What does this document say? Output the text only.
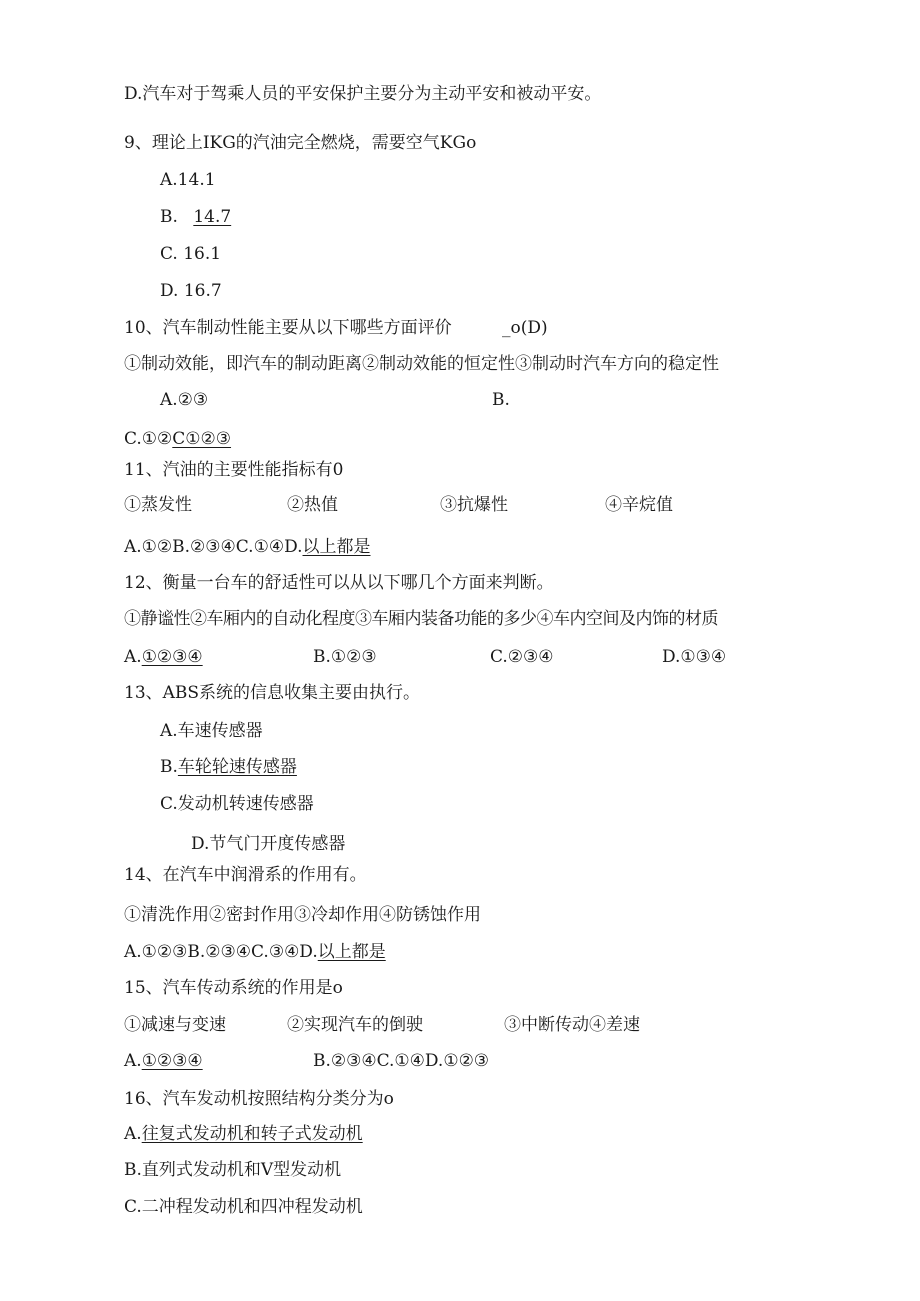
D.汽车对于驾乘人员的平安保护主要分为主动平安和被动平安。
9、理论上IKG的汽油完全燃烧，需要空气KGo
A.14.1
B. 14.7
C. 16.1
D. 16.7
10、汽车制动性能主要从以下哪些方面评价	_o(D)
①制动效能，即汽车的制动距离②制动效能的恒定性③制动时汽车方向的稳定性
A.②③	B.
C.①②C①②③
11、汽油的主要性能指标有0
①蒸发性	②热值	③抗爆性	④辛烷值
A.①②B.②③④C.①④D.以上都是
12、衡量一台车的舒适性可以从以下哪几个方面来判断。
①静谧性②车厢内的自动化程度③车厢内装备功能的多少④车内空间及内饰的材质
A.①②③④	B.①②③	C.②③④	D.①③④
13、ABS系统的信息收集主要由执行。
A.车速传感器
B.车轮轮速传感器
C.发动机转速传感器
D.节气门开度传感器
14、在汽车中润滑系的作用有。
①清洗作用②密封作用③冷却作用④防锈蚀作用
A.①②③B.②③④C.③④D.以上都是
15、汽车传动系统的作用是o
①减速与变速	②实现汽车的倒驶	③中断传动④差速
A.①②③④	B.②③④C.①④D.①②③
16、汽车发动机按照结构分类分为o
A.往复式发动机和转子式发动机
B.直列式发动机和V型发动机
C.二冲程发动机和四冲程发动机
